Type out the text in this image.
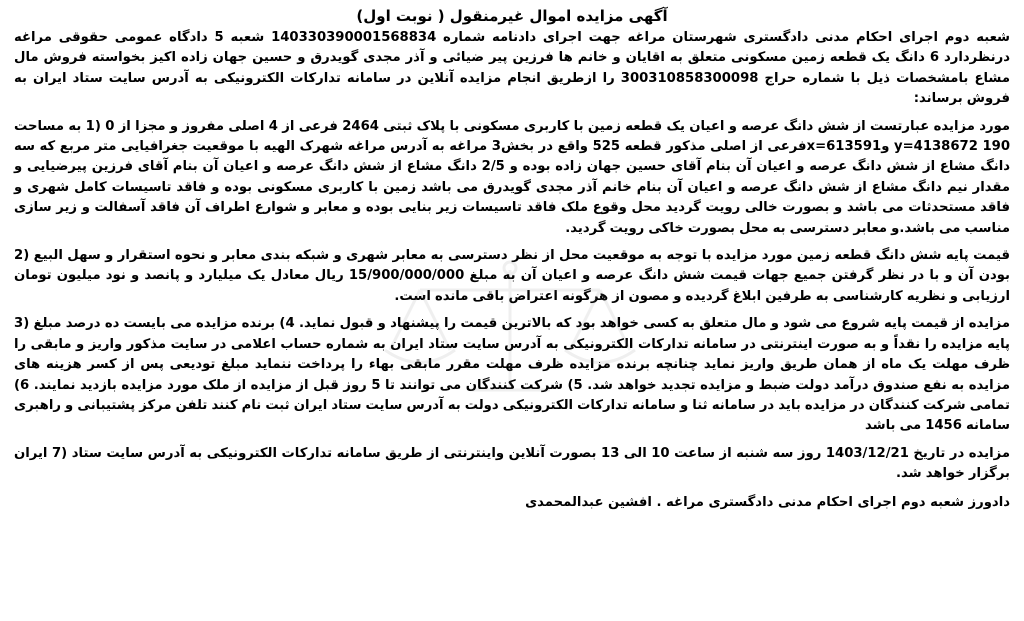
آگهی مزایده اموال غیرمنقول ( نوبت اول)
شعبه دوم اجرای احکام مدنی دادگستری شهرستان مراغه جهت اجرای دادنامه شماره 140330390001568834 شعبه 5 دادگاه عمومی حقوقی مراغه درنظردارد 6 دانگ یک قطعه زمین مسکونی متعلق به اقایان و خانم ها فرزین پیر ضیائی و آذر مجدی گویدرق و حسین جهان زاده اکیز بخواسته فروش مال مشاع بامشخصات ذیل با شماره حراج 300310858300098 را ازطریق انجام مزایده آنلاین در سامانه تدارکات الکترونیکی به آدرس سایت ستاد ایران به فروش برساند:
مورد مزایده عبارتست از شش دانگ عرصه و اعیان یک قطعه زمین با کاربری مسکونی با پلاک ثبتی 2464 فرعی از 4 اصلی مفروز و مجزا از 0 (1 به مساحت 190 y=4138672 وx=613591فرعی از اصلی مذکور قطعه 525 واقع در بخش3 مراغه به آدرس مراغه شهرک الهیه با موقعیت جغرافیایی متر مربع که سه دانگ مشاع از شش دانگ عرصه و اعیان آن بنام آقای حسین جهان زاده بوده و 2/5 دانگ مشاع از شش دانگ عرصه و اعیان آن بنام آقای فرزین پیرضیایی و مقدار نیم دانگ مشاع از شش دانگ عرصه و اعیان آن بنام خانم آذر مجدی گویدرق می باشد زمین با کاربری مسکونی بوده و فاقد تاسیسات کامل شهری و فاقد مستحدثات می باشد و بصورت خالی رویت گردید محل وقوع ملک فاقد تاسیسات زیر بنایی بوده و معابر و شوارع اطراف آن فاقد آسفالت و زیر سازی مناسب می باشد.و معابر دسترسی به محل بصورت خاکی رویت گردید.
قیمت پایه شش دانگ قطعه زمین مورد مزایده با توجه به موقعیت محل از نظر دسترسی به معابر شهری و شبکه بندی معابر و نحوه استقرار و سهل البیع (2 بودن آن و با در نظر گرفتن جمیع جهات قیمت شش دانگ عرصه و اعیان آن به مبلغ 15/900/000/000 ریال معادل یک میلیارد و پانصد و نود میلیون تومان ارزیابی و نظریه کارشناسی به طرفین ابلاغ گردیده و مصون از هرگونه اعتراض باقی مانده است.
مزایده از قیمت پایه شروع می شود و مال متعلق به کسی خواهد بود که بالاترین قیمت را پیشنهاد و قبول نماید. 4) برنده مزایده می بایست ده درصد مبلغ (3 پایه مزایده را نقداً و به صورت اینترنتی در سامانه تدارکات الکترونیکی به آدرس سایت ستاد ایران به شماره حساب اعلامی در سایت مذکور واریز و مابقی را ظرف مهلت یک ماه از همان طریق واریز نماید چنانچه برنده مزایده ظرف مهلت مقرر مابقی بهاء را پرداخت ننماید مبلغ تودیعی پس از کسر هزینه های مزایده به نفع صندوق درآمد دولت ضبط و مزایده تجدید خواهد شد. 5) شرکت کنندگان می توانند تا 5 روز قبل از مزایده از ملک مورد مزایده بازدید نمایند. 6) تمامی شرکت کنندگان در مزایده باید در سامانه ثنا و سامانه تدارکات الکترونیکی دولت به آدرس سایت ستاد ایران ثبت نام کنند تلفن مرکز پشتیبانی و راهبری سامانه 1456 می باشد
مزایده در تاریخ 1403/12/21 روز سه شنبه از ساعت 10 الی 13 بصورت آنلاین واینترنتی از طریق سامانه تدارکات الکترونیکی به آدرس سایت ستاد (7 ایران برگزار خواهد شد.
دادورز شعبه دوم اجرای احکام مدنی دادگستری مراغه . افشین عبدالمحمدی
